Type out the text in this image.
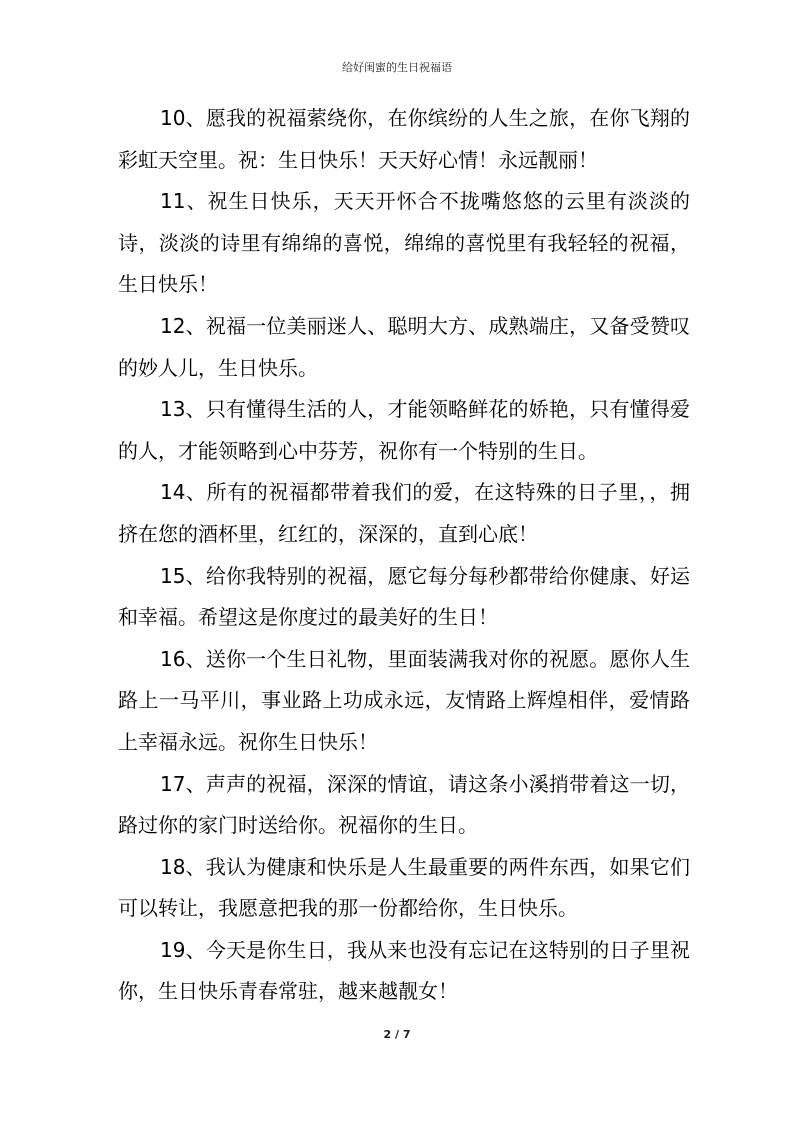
给好闺蜜的生日祝福语

10、愿我的祝福萦绕你，在你缤纷的人生之旅，在你飞翔的彩虹天空里。祝：生日快乐！天天好心情！永远靓丽！

11、祝生日快乐，天天开怀合不拢嘴悠悠的云里有淡淡的诗，淡淡的诗里有绵绵的喜悦，绵绵的喜悦里有我轻轻的祝福，生日快乐！

12、祝福一位美丽迷人、聪明大方、成熟端庄，又备受赞叹的妙人儿，生日快乐。

13、只有懂得生活的人，才能领略鲜花的娇艳，只有懂得爱的人，才能领略到心中芬芳，祝你有一个特别的生日。

14、所有的祝福都带着我们的爱，在这特殊的日子里，，拥挤在您的酒杯里，红红的，深深的，直到心底！

15、给你我特别的祝福，愿它每分每秒都带给你健康、好运和幸福。希望这是你度过的最美好的生日！

16、送你一个生日礼物，里面装满我对你的祝愿。愿你人生路上一马平川，事业路上功成永远，友情路上辉煌相伴，爱情路上幸福永远。祝你生日快乐！

17、声声的祝福，深深的情谊，请这条小溪捎带着这一切，路过你的家门时送给你。祝福你的生日。

18、我认为健康和快乐是人生最重要的两件东西，如果它们可以转让，我愿意把我的那一份都给你，生日快乐。

19、今天是你生日，我从来也没有忘记在这特别的日子里祝你，生日快乐青春常驻，越来越靓女！

2 / 7
